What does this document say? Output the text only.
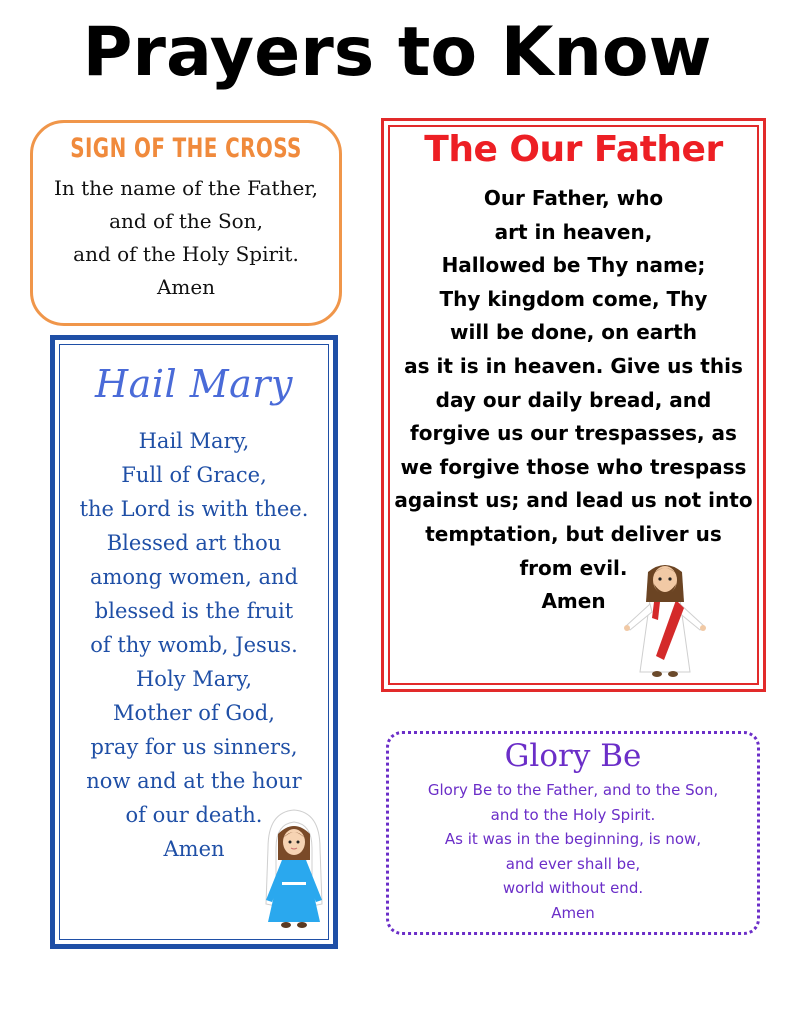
Prayers to Know
SIGN OF THE CROSS
In the name of the Father,
and of the Son,
and of the Holy Spirit.
Amen
The Our Father
Our Father, who
art in heaven,
Hallowed be Thy name;
Thy kingdom come, Thy
will be done, on earth
as it is in heaven. Give us this
day our daily bread, and
forgive us our trespasses, as
we forgive those who trespass
against us; and lead us not into
temptation, but deliver us
from evil.
Amen
Hail Mary
Hail Mary,
Full of Grace,
the Lord is with thee.
Blessed art thou
among women, and
blessed is the fruit
of thy womb, Jesus.
Holy Mary,
Mother of God,
pray for us sinners,
now and at the hour
of our death.
Amen
Glory Be
Glory Be to the Father, and to the Son,
and to the Holy Spirit.
As it was in the beginning, is now,
and ever shall be,
world without end.
Amen
